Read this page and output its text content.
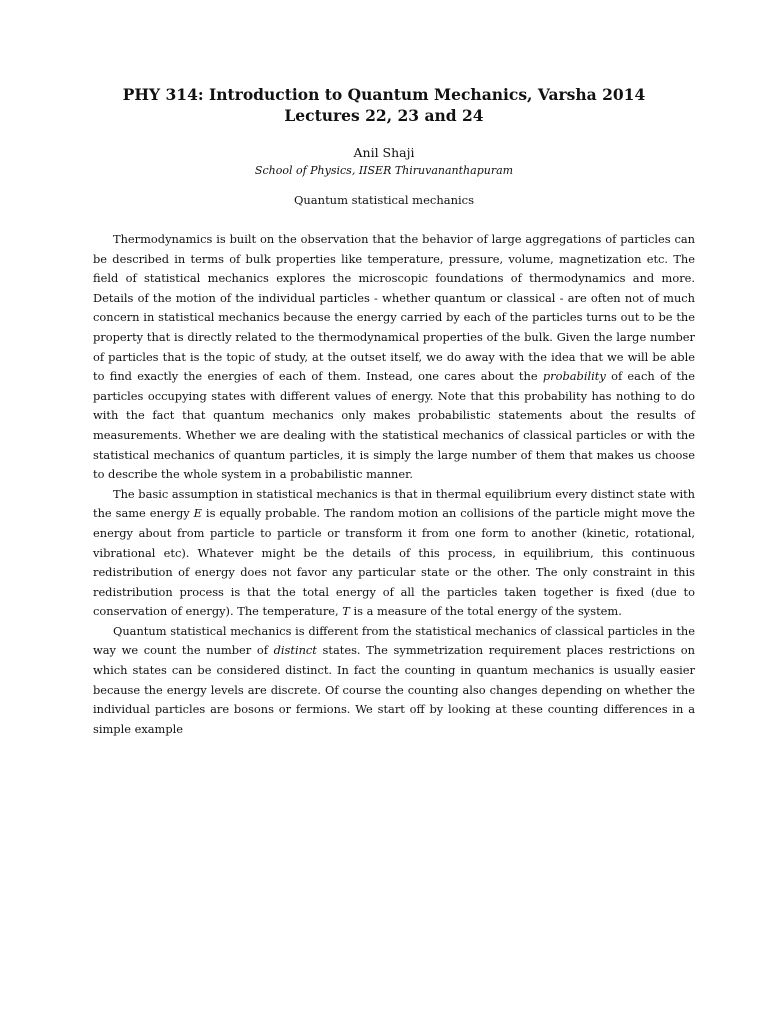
PHY 314: Introduction to Quantum Mechanics, Varsha 2014

Lectures 22, 23 and 24

Anil Shaji
School of Physics, IISER Thiruvananthapuram
Quantum statistical mechanics

Thermodynamics is built on the observation that the behavior of large aggregations of particles can be described in terms of bulk properties like temperature, pressure, volume, magnetization etc. The field of statistical mechanics explores the microscopic foundations of thermodynamics and more. Details of the motion of the individual particles - whether quantum or classical - are often not of much concern in statistical mechanics because the energy carried by each of the particles turns out to be the property that is directly related to the thermodynamical properties of the bulk. Given the large number of particles that is the topic of study, at the outset itself, we do away with the idea that we will be able to find exactly the energies of each of them. Instead, one cares about the probability of each of the particles occupying states with different values of energy. Note that this probability has nothing to do with the fact that quantum mechanics only makes probabilistic statements about the results of measurements. Whether we are dealing with the statistical mechanics of classical particles or with the statistical mechanics of quantum particles, it is simply the large number of them that makes us choose to describe the whole system in a probabilistic manner.

The basic assumption in statistical mechanics is that in thermal equilibrium every distinct state with the same energy E is equally probable. The random motion an collisions of the particle might move the energy about from particle to particle or transform it from one form to another (kinetic, rotational, vibrational etc). Whatever might be the details of this process, in equilibrium, this continuous redistribution of energy does not favor any particular state or the other. The only constraint in this redistribution process is that the total energy of all the particles taken together is fixed (due to conservation of energy). The temperature, T is a measure of the total energy of the system.

Quantum statistical mechanics is different from the statistical mechanics of classical particles in the way we count the number of distinct states. The symmetrization requirement places restrictions on which states can be considered distinct. In fact the counting in quantum mechanics is usually easier because the energy levels are discrete. Of course the counting also changes depending on whether the individual particles are bosons or fermions. We start off by looking at these counting differences in a simple example
